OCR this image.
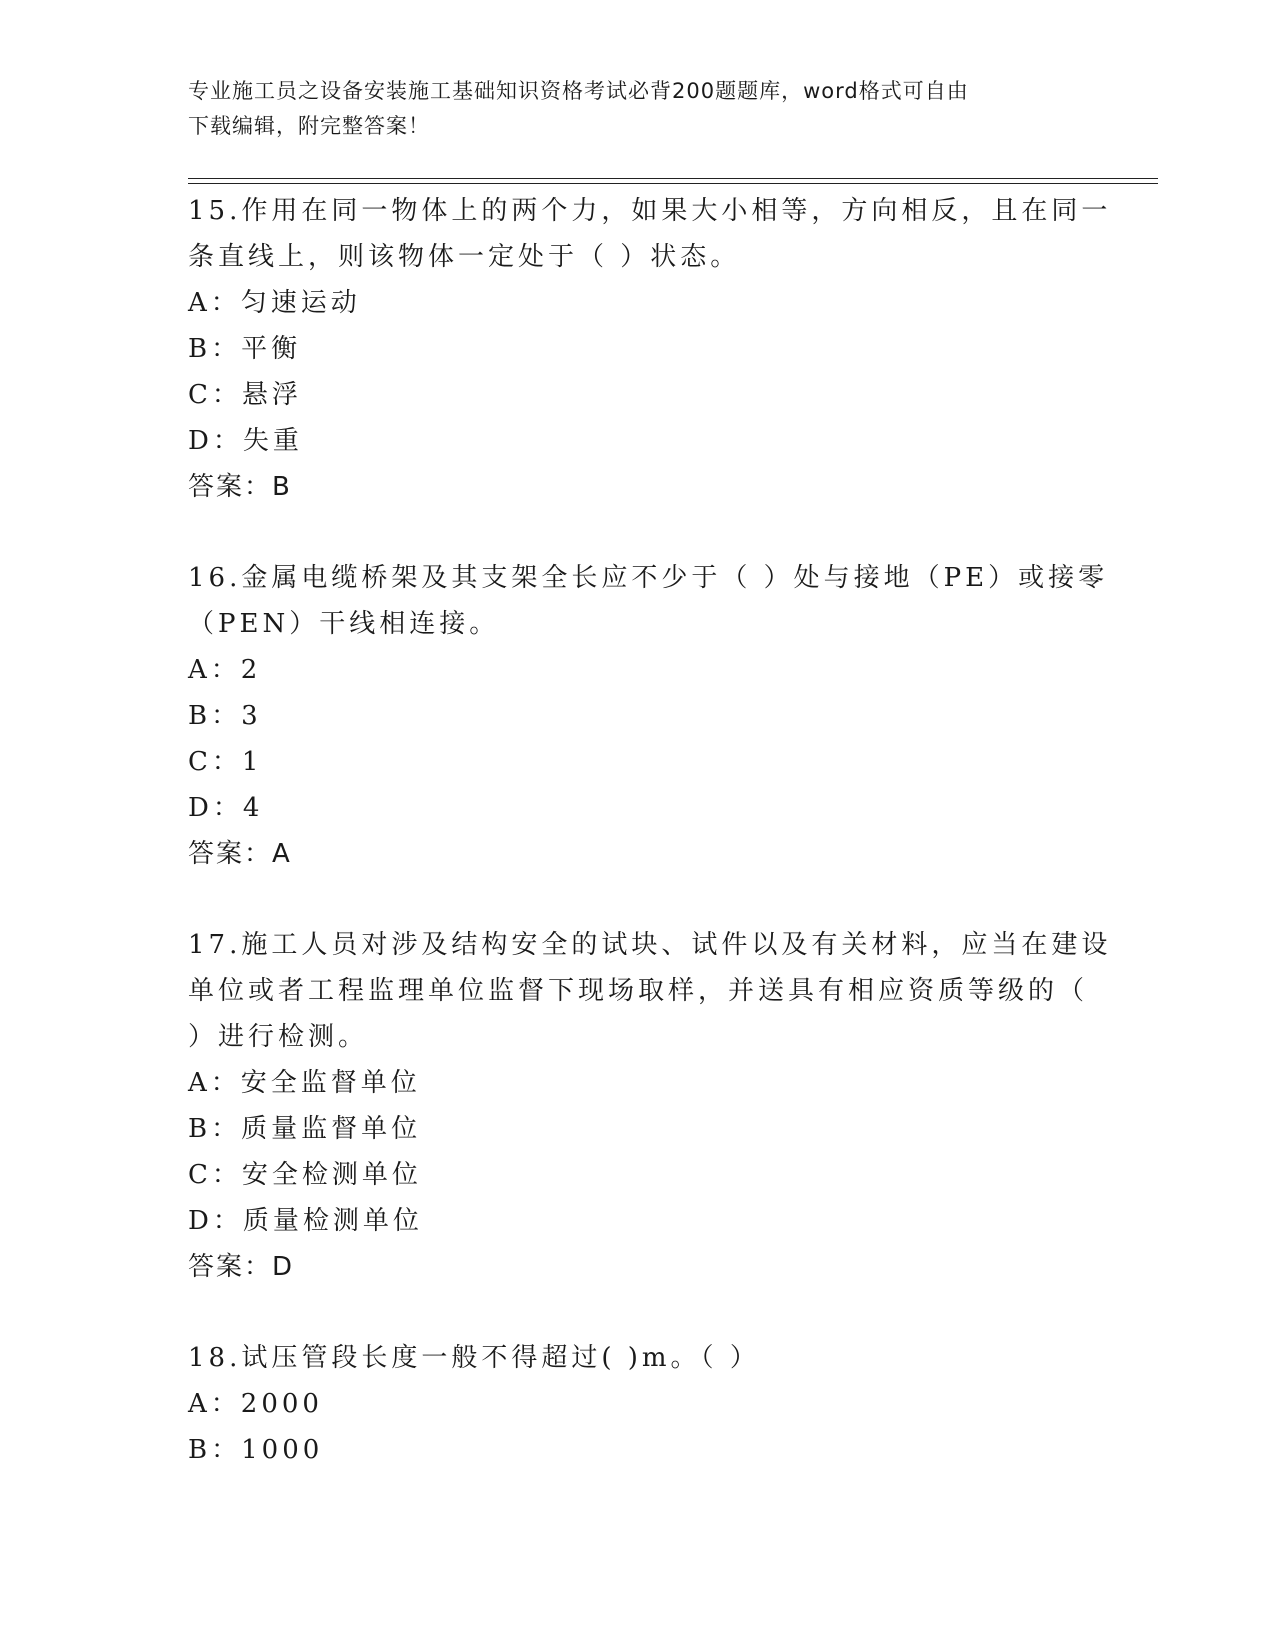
专业施工员之设备安装施工基础知识资格考试必背200题题库，word格式可自由
下载编辑，附完整答案！
15.作用在同一物体上的两个力，如果大小相等，方向相反，且在同一
条直线上，则该物体一定处于（ ）状态。
A：匀速运动
B：平衡
C：悬浮
D：失重
答案：B
16.金属电缆桥架及其支架全长应不少于（ ）处与接地（PE）或接零
（PEN）干线相连接。
A：2
B：3
C：1
D：4
答案：A
17.施工人员对涉及结构安全的试块、试件以及有关材料，应当在建设
单位或者工程监理单位监督下现场取样，并送具有相应资质等级的（
）进行检测。
A：安全监督单位
B：质量监督单位
C：安全检测单位
D：质量检测单位
答案：D
18.试压管段长度一般不得超过( )m。（ ）
A：2000
B：1000
